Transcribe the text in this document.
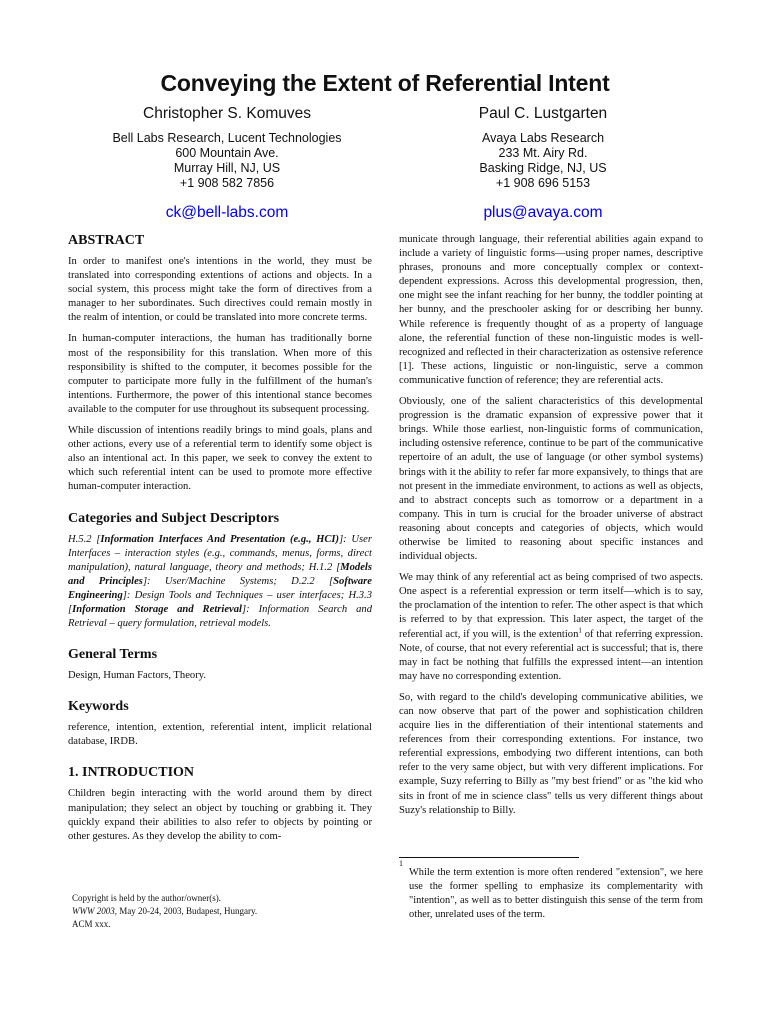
Conveying the Extent of Referential Intent
Christopher S. Komuves
Bell Labs Research, Lucent Technologies
600 Mountain Ave.
Murray Hill, NJ, US
+1 908 582 7856
ck@bell-labs.com
Paul C. Lustgarten
Avaya Labs Research
233 Mt. Airy Rd.
Basking Ridge, NJ, US
+1 908 696 5153
plus@avaya.com
ABSTRACT

In order to manifest one's intentions in the world, they must be translated into corresponding extentions of actions and objects. In a social system, this process might take the form of directives from a manager to her subordinates. Such directives could remain mostly in the realm of intention, or could be translated into more concrete terms.

In human-computer interactions, the human has traditionally borne most of the responsibility for this translation. When more of this responsibility is shifted to the computer, it becomes possible for the computer to participate more fully in the fulfillment of the human's intentions. Furthermore, the power of this intentional stance becomes available to the computer for use throughout its subsequent processing.

While discussion of intentions readily brings to mind goals, plans and other actions, every use of a referential term to identify some object is also an intentional act. In this paper, we seek to convey the extent to which such referential intent can be used to promote more effective human-computer interaction.

Categories and Subject Descriptors

H.5.2 [Information Interfaces And Presentation (e.g., HCI)]: User Interfaces – interaction styles (e.g., commands, menus, forms, direct manipulation), natural language, theory and methods; H.1.2 [Models and Principles]: User/Machine Systems; D.2.2 [Software Engineering]: Design Tools and Techniques – user interfaces; H.3.3 [Information Storage and Retrieval]: Information Search and Retrieval – query formulation, retrieval models.

General Terms

Design, Human Factors, Theory.

Keywords

reference, intention, extention, referential intent, implicit relational database, IRDB.

1. INTRODUCTION

Children begin interacting with the world around them by direct manipulation; they select an object by touching or grabbing it. They quickly expand their abilities to also refer to objects by pointing or other gestures. As they develop the ability to com-

Copyright is held by the author/owner(s).
WWW 2003, May 20-24, 2003, Budapest, Hungary.
ACM xxx.

municate through language, their referential abilities again expand to include a variety of linguistic forms—using proper names, descriptive phrases, pronouns and more conceptually complex or context-dependent expressions. Across this developmental progression, then, one might see the infant reaching for her bunny, the toddler pointing at her bunny, and the preschooler asking for or describing her bunny. While reference is frequently thought of as a property of language alone, the referential function of these non-linguistic modes is well-recognized and reflected in their characterization as ostensive reference [1]. These actions, linguistic or non-linguistic, serve a common communicative function of reference; they are referential acts.

Obviously, one of the salient characteristics of this developmental progression is the dramatic expansion of expressive power that it brings. While those earliest, non-linguistic forms of communication, including ostensive reference, continue to be part of the communicative repertoire of an adult, the use of language (or other symbol systems) brings with it the ability to refer far more expansively, to things that are not present in the immediate environment, to actions as well as objects, and to abstract concepts such as tomorrow or a department in a company. This in turn is crucial for the broader universe of abstract reasoning about concepts and categories of objects, which would otherwise be limited to reasoning about specific instances and individual objects.

We may think of any referential act as being comprised of two aspects. One aspect is a referential expression or term itself—which is to say, the proclamation of the intention to refer. The other aspect is that which is referred to by that expression. This later aspect, the target of the referential act, if you will, is the extention$^1$ of that referring expression. Note, of course, that not every referential act is successful; that is, there may in fact be nothing that fulfills the expressed intent—an intention may have no corresponding extention.

So, with regard to the child's developing communicative abilities, we can now observe that part of the power and sophistication children acquire lies in the differentiation of their intentional statements and references from their corresponding extentions. For instance, two referential expressions, embodying two different intentions, can both refer to the very same object, but with very different implications. For example, Suzy referring to Billy as "my best friend" or as "the kid who sits in front of me in science class" tells us very different things about Suzy's relationship to Billy.

1
While the term extention is more often rendered "extension", we here use the former spelling to emphasize its complementarity with "intention", as well as to better distinguish this sense of the term from other, unrelated uses of the term.
